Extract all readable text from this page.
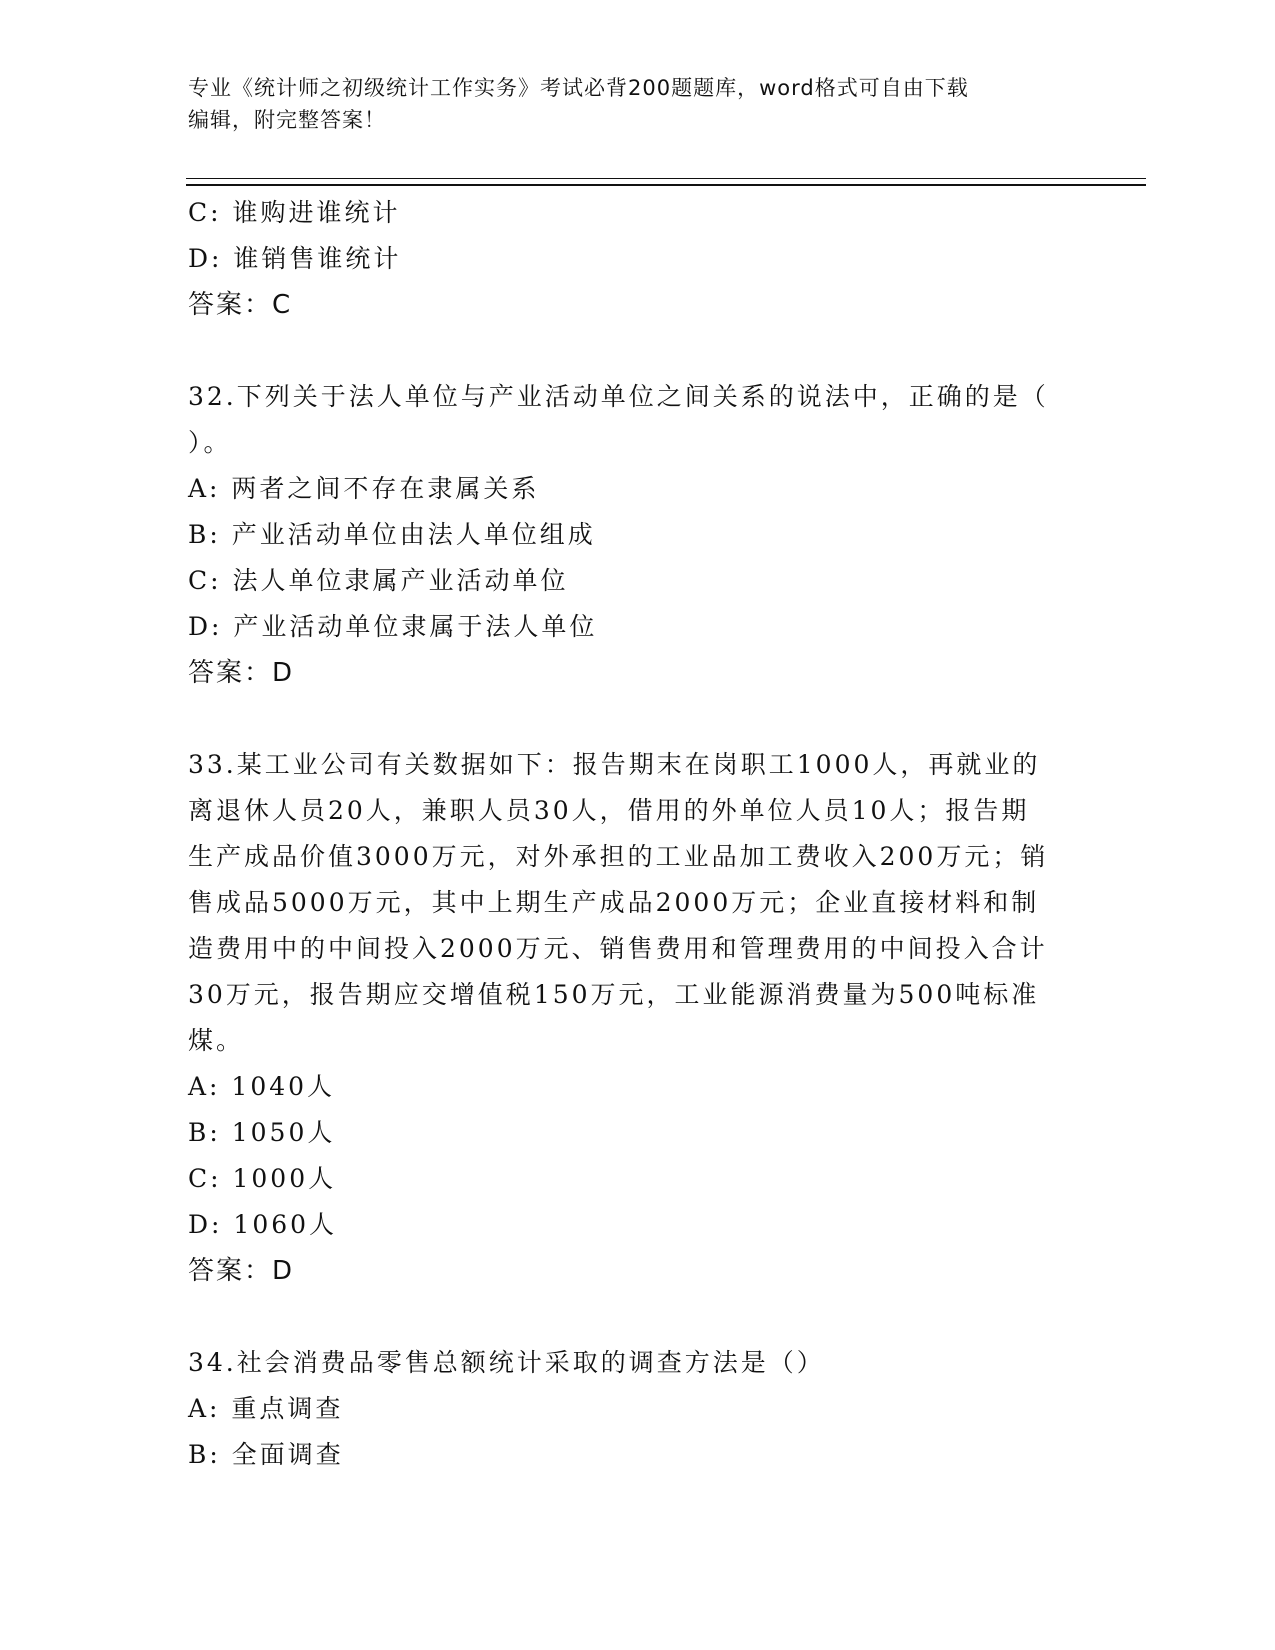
专业《统计师之初级统计工作实务》考试必背200题题库，word格式可自由下载
编辑，附完整答案！
C: 谁购进谁统计
D: 谁销售谁统计
答案：C
32.下列关于法人单位与产业活动单位之间关系的说法中，正确的是（
）。
A: 两者之间不存在隶属关系
B: 产业活动单位由法人单位组成
C: 法人单位隶属产业活动单位
D: 产业活动单位隶属于法人单位
答案：D
33.某工业公司有关数据如下：报告期末在岗职工1000人，再就业的
离退休人员20人，兼职人员30人，借用的外单位人员10人；报告期
生产成品价值3000万元，对外承担的工业品加工费收入200万元；销
售成品5000万元，其中上期生产成品2000万元；企业直接材料和制
造费用中的中间投入2000万元、销售费用和管理费用的中间投入合计
30万元，报告期应交增值税150万元，工业能源消费量为500吨标准
煤。
A: 1040人
B: 1050人
C: 1000人
D: 1060人
答案：D
34.社会消费品零售总额统计采取的调查方法是（）
A: 重点调查
B: 全面调查
